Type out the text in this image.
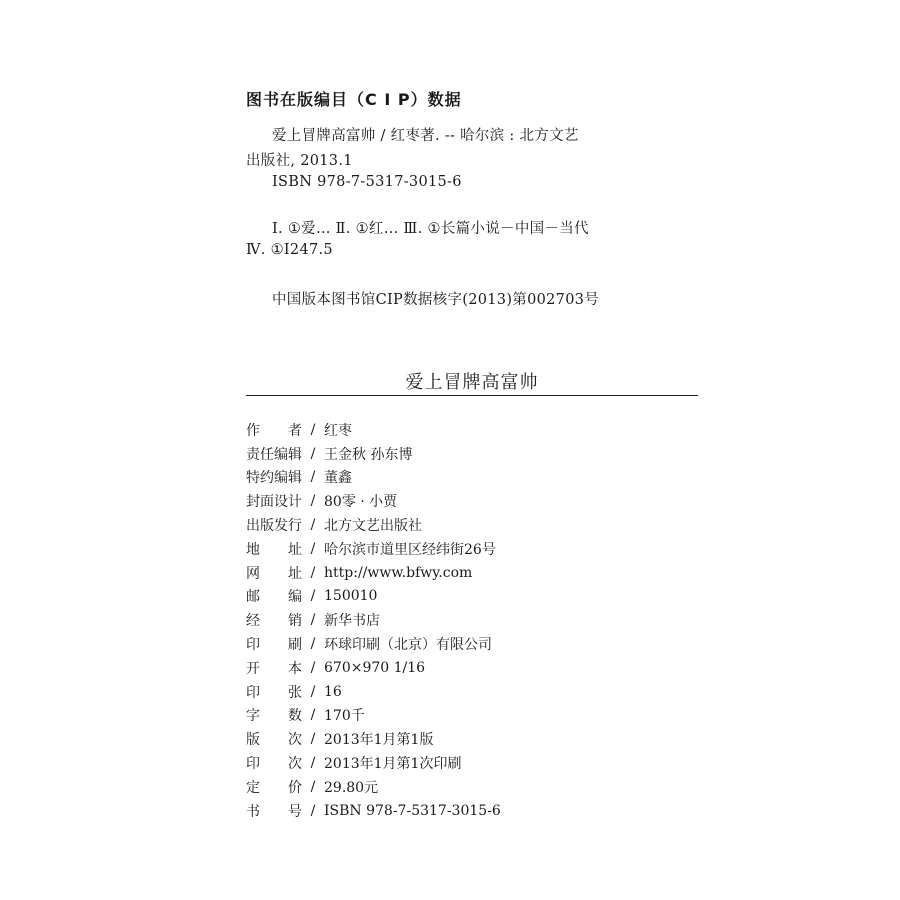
图书在版编目（C I P）数据
爱上冒牌高富帅 / 红枣著. -- 哈尔滨 : 北方文艺
出版社, 2013.1
ISBN 978-7-5317-3015-6
Ⅰ. ①爱… Ⅱ. ①红… Ⅲ. ①长篇小说－中国－当代
Ⅳ. ①I247.5
中国版本图书馆CIP数据核字(2013)第002703号
爱上冒牌高富帅
作者 / 红枣
责任编辑 / 王金秋 孙东博
特约编辑 / 董鑫
封面设计 / 80零 · 小贾
出版发行 / 北方文艺出版社
地址 / 哈尔滨市道里区经纬街26号
网址 / http://www.bfwy.com
邮编 / 150010
经销 / 新华书店
印刷 / 环球印刷（北京）有限公司
开本 / 670×970 1/16
印张 / 16
字数 / 170千
版次 / 2013年1月第1版
印次 / 2013年1月第1次印刷
定价 / 29.80元
书号 / ISBN 978-7-5317-3015-6
